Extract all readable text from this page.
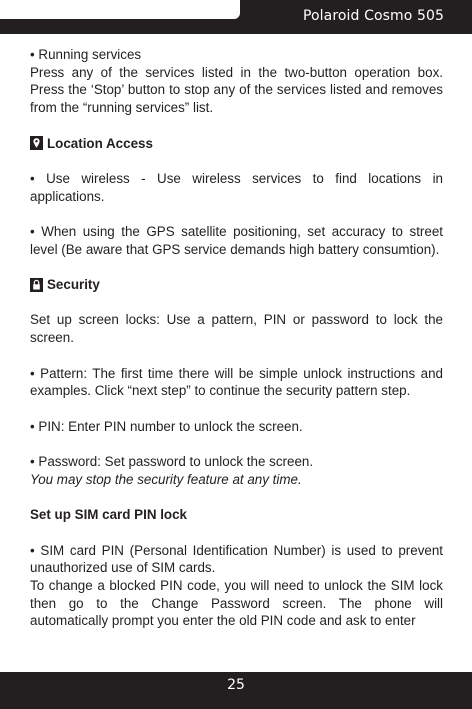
Polaroid Cosmo 505

• Running services

Press any of the services listed in the two-button operation box. Press the ‘Stop’ button to stop any of the services listed and removes from the “running services” list.

Location Access

• Use wireless - Use wireless services to find locations in applications.

• When using the GPS satellite positioning, set accuracy to street level (Be aware that GPS service demands high battery consumtion).

Security

Set up screen locks: Use a pattern, PIN or password to lock the screen.

• Pattern: The first time there will be simple unlock instructions and examples. Click “next step” to continue the security pattern step.

• PIN: Enter PIN number to unlock the screen.

• Password: Set password to unlock the screen.

You may stop the security feature at any time.

Set up SIM card PIN lock

• SIM card PIN (Personal Identification Number) is used to prevent unauthorized use of SIM cards.

To change a blocked PIN code, you will need to unlock the SIM lock then go to the Change Password screen. The phone will automatically prompt you enter the old PIN code and ask to enter

25
